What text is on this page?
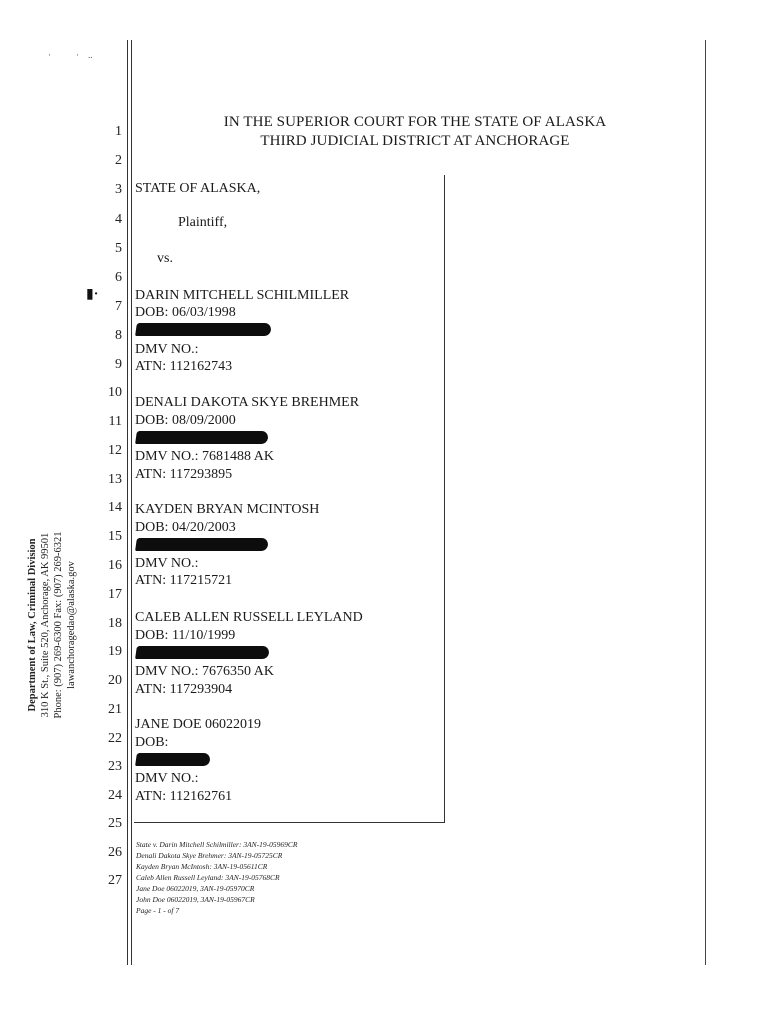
·	· ..
▮·
1
2
3
4
5
6
7
8
9
10
11
12
13
14
15
16
17
18
19
20
21
22
23
24
25
26
27
IN THE SUPERIOR COURT FOR THE STATE OF ALASKA
THIRD JUDICIAL DISTRICT AT ANCHORAGE
STATE OF ALASKA,
Plaintiff,
vs.
DARIN MITCHELL SCHILMILLER
DOB: 06/03/1998
DMV NO.:
ATN: 112162743
DENALI DAKOTA SKYE BREHMER
DOB: 08/09/2000
DMV NO.: 7681488 AK
ATN: 117293895
KAYDEN BRYAN MCINTOSH
DOB: 04/20/2003
DMV NO.:
ATN: 117215721
CALEB ALLEN RUSSELL LEYLAND
DOB: 11/10/1999
DMV NO.: 7676350 AK
ATN: 117293904
JANE DOE 06022019
DOB:
DMV NO.:
ATN: 112162761
Department of Law, Criminal Division 310 K St., Suite 520, Anchorage, AK 99501 Phone: (907) 269-6300 Fax: (907) 269-6321 lawanchoragedao@alaska.gov
State v. Darin Mitchell Schilmiller: 3AN-19-05969CR
Denali Dakota Skye Brehmer: 3AN-19-05725CR
Kayden Bryan McIntosh: 3AN-19-05611CR
Caleb Allen Russell Leyland: 3AN-19-05768CR
Jane Doe 06022019, 3AN-19-05970CR
John Doe 06022019, 3AN-19-05967CR
Page - 1 - of 7
